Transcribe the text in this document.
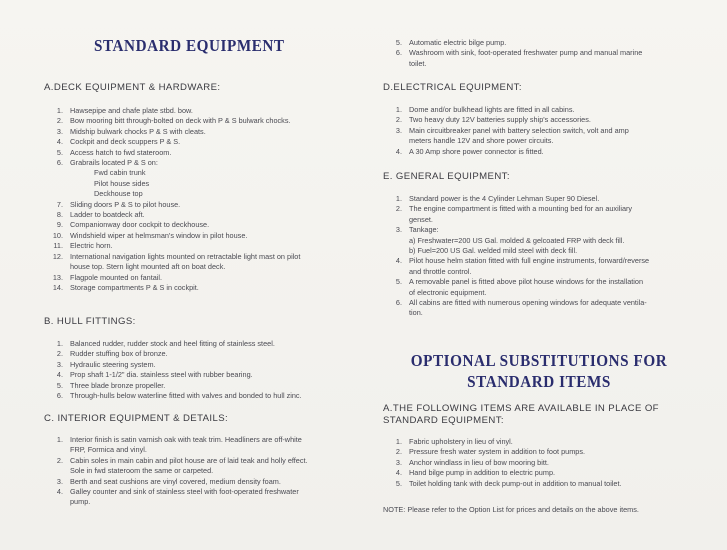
STANDARD EQUIPMENT
A.DECK EQUIPMENT & HARDWARE:
1. Hawsepipe and chafe plate stbd. bow.
2. Bow mooring bitt through-bolted on deck with P & S bulwark chocks.
3. Midship bulwark chocks P & S with cleats.
4. Cockpit and deck scuppers P & S.
5. Access hatch to fwd stateroom.
6. Grabrails located P & S on:
Fwd cabin trunk
Pilot house sides
Deckhouse top
7. Sliding doors P & S to pilot house.
8. Ladder to boatdeck aft.
9. Companionway door cockpit to deckhouse.
10. Windshield wiper at helmsman's window in pilot house.
11. Electric horn.
12. International navigation lights mounted on retractable light mast on pilot
house top. Stern light mounted aft on boat deck.
13. Flagpole mounted on fantail.
14. Storage compartments P & S in cockpit.
B. HULL FITTINGS:
1. Balanced rudder, rudder stock and heel fitting of stainless steel.
2. Rudder stuffing box of bronze.
3. Hydraulic steering system.
4. Prop shaft 1-1/2" dia. stainless steel with rubber bearing.
5. Three blade bronze propeller.
6. Through-hulls below waterline fitted with valves and bonded to hull zinc.
C. INTERIOR EQUIPMENT & DETAILS:
1. Interior finish is satin varnish oak with teak trim. Headliners are off-white
FRP, Formica and vinyl.
2. Cabin soles in main cabin and pilot house are of laid teak and holly effect.
Sole in fwd stateroom the same or carpeted.
3. Berth and seat cushions are vinyl covered, medium density foam.
4. Galley counter and sink of stainless steel with foot-operated freshwater
pump.
5. Automatic electric bilge pump.
6. Washroom with sink, foot-operated freshwater pump and manual marine
toilet.
D.ELECTRICAL EQUIPMENT:
1. Dome and/or bulkhead lights are fitted in all cabins.
2. Two heavy duty 12V batteries supply ship's accessories.
3. Main circuitbreaker panel with battery selection switch, volt and amp
meters handle 12V and shore power circuits.
4. A 30 Amp shore power connector is fitted.
E. GENERAL EQUIPMENT:
1. Standard power is the 4 Cylinder Lehman Super 90 Diesel.
2. The engine compartment is fitted with a mounting bed for an auxiliary
genset.
3. Tankage:
a) Freshwater=200 US Gal. molded & gelcoated FRP with deck fill.
b) Fuel=200 US Gal. welded mild steel with deck fill.
4. Pilot house helm station fitted with full engine instruments, forward/reverse
and throttle control.
5. A removable panel is fitted above pilot house windows for the installation
of electronic equipment.
6. All cabins are fitted with numerous opening windows for adequate ventila-
tion.
OPTIONAL SUBSTITUTIONS FOR
STANDARD ITEMS
A.THE FOLLOWING ITEMS ARE AVAILABLE IN PLACE OF STANDARD EQUIPMENT:
1. Fabric upholstery in lieu of vinyl.
2. Pressure fresh water system in addition to foot pumps.
3. Anchor windlass in lieu of bow mooring bitt.
4. Hand bilge pump in addition to electric pump.
5. Toilet holding tank with deck pump-out in addition to manual toilet.
NOTE: Please refer to the Option List for prices and details on the above items.
